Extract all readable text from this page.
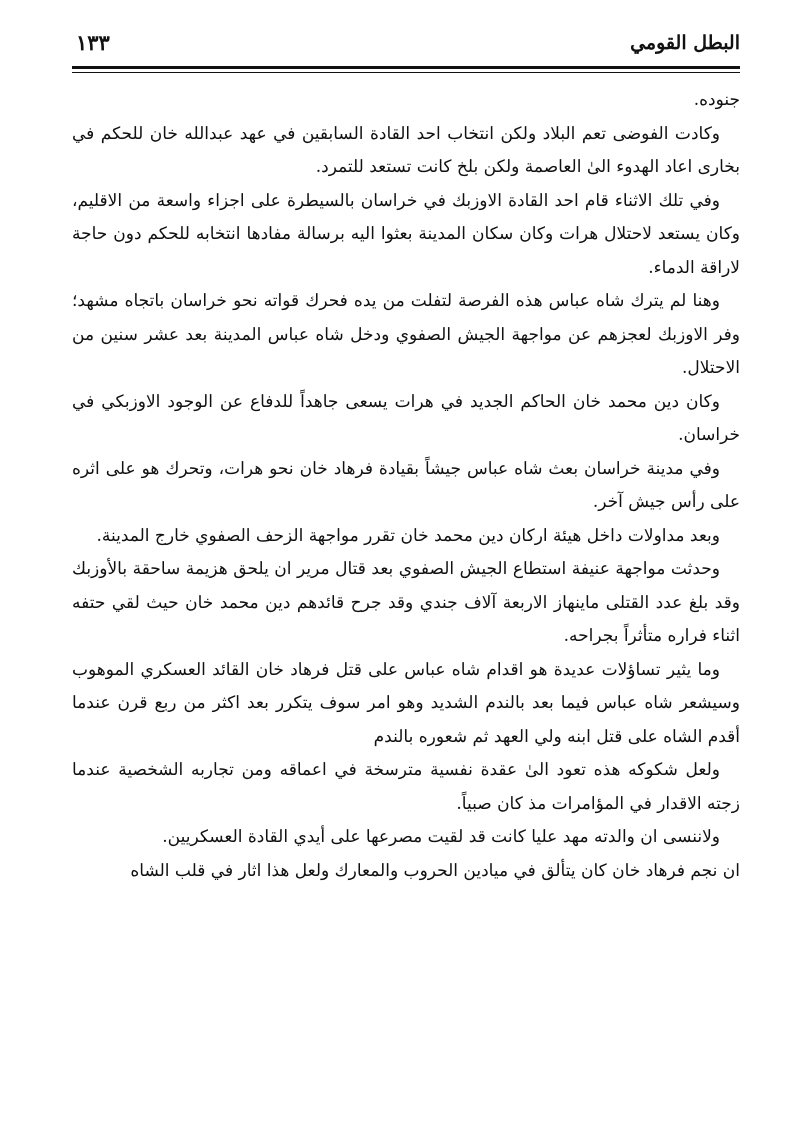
البطل القومي
١٣٣

جنوده.

وكادت الفوضى تعم البلاد ولكن انتخاب احد القادة السابقين في عهد عبدالله خان للحكم في بخارى اعاد الهدوء الىٰ العاصمة ولكن بلخ كانت تستعد للتمرد.

وفي تلك الاثناء قام احد القادة الاوزبك في خراسان بالسيطرة على اجزاء واسعة من الاقليم، وكان يستعد لاحتلال هرات وكان سكان المدينة بعثوا اليه برسالة مفادها انتخابه للحكم دون حاجة لاراقة الدماء.

وهنا لم يترك شاه عباس هذه الفرصة لتفلت من يده فحرك قواته نحو خراسان باتجاه مشهد؛ وفر الاوزبك لعجزهم عن مواجهة الجيش الصفوي ودخل شاه عباس المدينة بعد عشر سنين من الاحتلال.

وكان دين محمد خان الحاكم الجديد في هرات يسعى جاهداً للدفاع عن الوجود الاوزبكي في خراسان.

وفي مدينة خراسان بعث شاه عباس جيشاً بقيادة فرهاد خان نحو هرات، وتحرك هو على اثره على رأس جيش آخر.

وبعد مداولات داخل هيئة اركان دين محمد خان تقرر مواجهة الزحف الصفوي خارج المدينة.

وحدثت مواجهة عنيفة استطاع الجيش الصفوي بعد قتال مرير ان يلحق هزيمة ساحقة بالأوزبك وقد بلغ عدد القتلى ماينهاز الاربعة آلاف جندي وقد جرح قائدهم دين محمد خان حيث لقي حتفه اثناء فراره متأثراً بجراحه.

وما يثير تساؤلات عديدة هو اقدام شاه عباس على قتل فرهاد خان القائد العسكري الموهوب وسيشعر شاه عباس فيما بعد بالندم الشديد وهو امر سوف يتكرر بعد اكثر من ربع قرن عندما أقدم الشاه على قتل ابنه ولي العهد ثم شعوره بالندم

ولعل شكوكه هذه تعود الىٰ عقدة نفسية مترسخة في اعماقه ومن تجاربه الشخصية عندما زجته الاقدار في المؤامرات مذ كان صبياً.

ولاننسى ان والدته مهد عليا كانت قد لقيت مصرعها على أيدي القادة العسكريين.

ان نجم فرهاد خان كان يتألق في ميادين الحروب والمعارك ولعل هذا اثار في قلب الشاه
